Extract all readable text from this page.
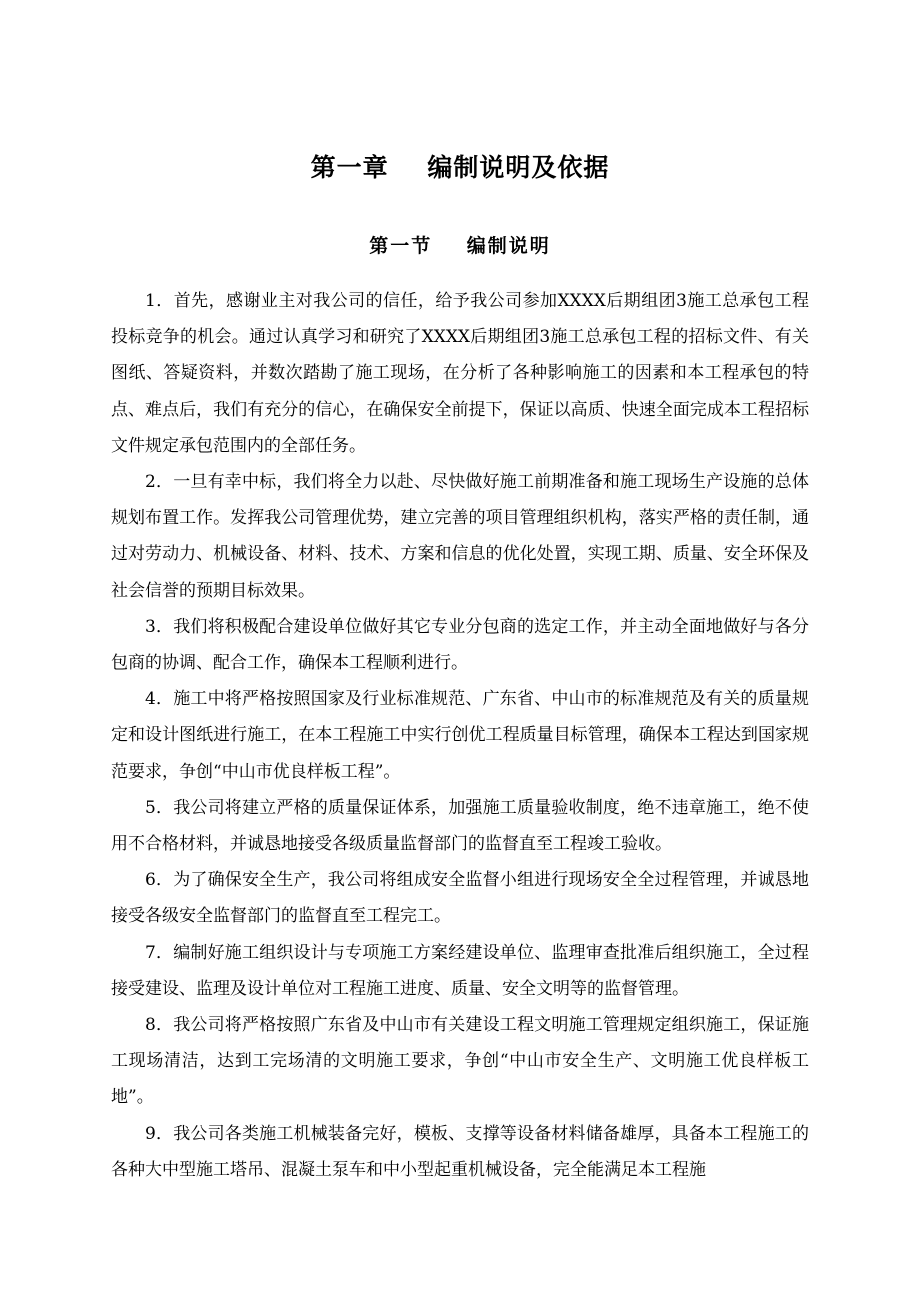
第一章    编制说明及依据
第一节    编制说明

1．首先，感谢业主对我公司的信任，给予我公司参加XXXX后期组团3施工总承包工程投标竞争的机会。通过认真学习和研究了XXXX后期组团3施工总承包工程的招标文件、有关图纸、答疑资料，并数次踏勘了施工现场，在分析了各种影响施工的因素和本工程承包的特点、难点后，我们有充分的信心，在确保安全前提下，保证以高质、快速全面完成本工程招标文件规定承包范围内的全部任务。

2．一旦有幸中标，我们将全力以赴、尽快做好施工前期准备和施工现场生产设施的总体规划布置工作。发挥我公司管理优势，建立完善的项目管理组织机构，落实严格的责任制，通过对劳动力、机械设备、材料、技术、方案和信息的优化处置，实现工期、质量、安全环保及社会信誉的预期目标效果。

3．我们将积极配合建设单位做好其它专业分包商的选定工作，并主动全面地做好与各分包商的协调、配合工作，确保本工程顺利进行。

4．施工中将严格按照国家及行业标准规范、广东省、中山市的标准规范及有关的质量规定和设计图纸进行施工，在本工程施工中实行创优工程质量目标管理，确保本工程达到国家规范要求，争创“中山市优良样板工程”。

5．我公司将建立严格的质量保证体系，加强施工质量验收制度，绝不违章施工，绝不使用不合格材料，并诚恳地接受各级质量监督部门的监督直至工程竣工验收。

6．为了确保安全生产，我公司将组成安全监督小组进行现场安全全过程管理，并诚恳地接受各级安全监督部门的监督直至工程完工。

7．编制好施工组织设计与专项施工方案经建设单位、监理审查批准后组织施工，全过程接受建设、监理及设计单位对工程施工进度、质量、安全文明等的监督管理。

8．我公司将严格按照广东省及中山市有关建设工程文明施工管理规定组织施工，保证施工现场清洁，达到工完场清的文明施工要求，争创“中山市安全生产、文明施工优良样板工地”。

9．我公司各类施工机械装备完好，模板、支撑等设备材料储备雄厚，具备本工程施工的各种大中型施工塔吊、混凝土泵车和中小型起重机械设备，完全能满足本工程施
